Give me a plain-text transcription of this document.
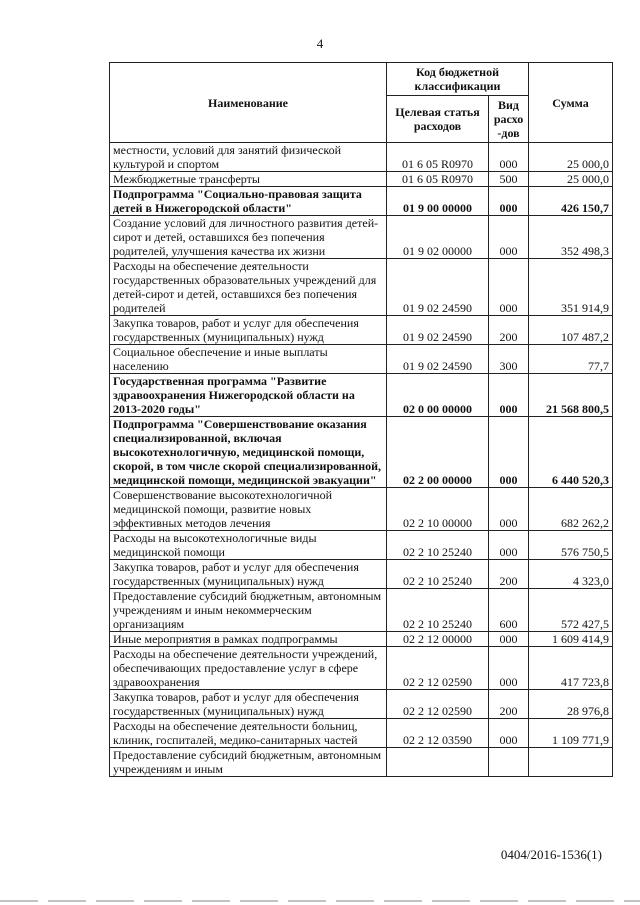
4
Наименование	Код бюджетной классификации		Сумма
	Целевая статья расходов	Вид расхо -дов	
местности, условий для занятий физической культурой и спортом	01 6 05 R0970	000	25 000,0
Межбюджетные трансферты	01 6 05 R0970	500	25 000,0
Подпрограмма "Социально-правовая защита детей в Нижегородской области"	01 9 00 00000	000	426 150,7
Создание условий для личностного развития детей-сирот и детей, оставшихся без попечения родителей, улучшения качества их жизни	01 9 02 00000	000	352 498,3
Расходы на обеспечение деятельности государственных образовательных учреждений для детей-сирот и детей, оставшихся без попечения родителей	01 9 02 24590	000	351 914,9
Закупка товаров, работ и услуг для обеспечения государственных (муниципальных) нужд	01 9 02 24590	200	107 487,2
Социальное обеспечение и иные выплаты населению	01 9 02 24590	300	77,7
Государственная программа "Развитие здравоохранения Нижегородской области на 2013-2020 годы"	02 0 00 00000	000	21 568 800,5
Подпрограмма "Совершенствование оказания специализированной, включая высокотехнологичную, медицинской помощи, скорой, в том числе скорой специализированной, медицинской помощи, медицинской эвакуации"	02 2 00 00000	000	6 440 520,3
Совершенствование высокотехнологичной медицинской помощи, развитие новых эффективных методов лечения	02 2 10 00000	000	682 262,2
Расходы на высокотехнологичные виды медицинской помощи	02 2 10 25240	000	576 750,5
Закупка товаров, работ и услуг для обеспечения государственных (муниципальных) нужд	02 2 10 25240	200	4 323,0
Предоставление субсидий бюджетным, автономным учреждениям и иным некоммерческим организациям	02 2 10 25240	600	572 427,5
Иные мероприятия в рамках подпрограммы	02 2 12 00000	000	1 609 414,9
Расходы на обеспечение деятельности учреждений, обеспечивающих предоставление услуг в сфере здравоохранения	02 2 12 02590	000	417 723,8
Закупка товаров, работ и услуг для обеспечения государственных (муниципальных) нужд	02 2 12 02590	200	28 976,8
Расходы на обеспечение деятельности больниц, клиник, госпиталей, медико-санитарных частей	02 2 12 03590	000	1 109 771,9
Предоставление субсидий бюджетным, автономным учреждениям и иным			
0404/2016-1536(1)
